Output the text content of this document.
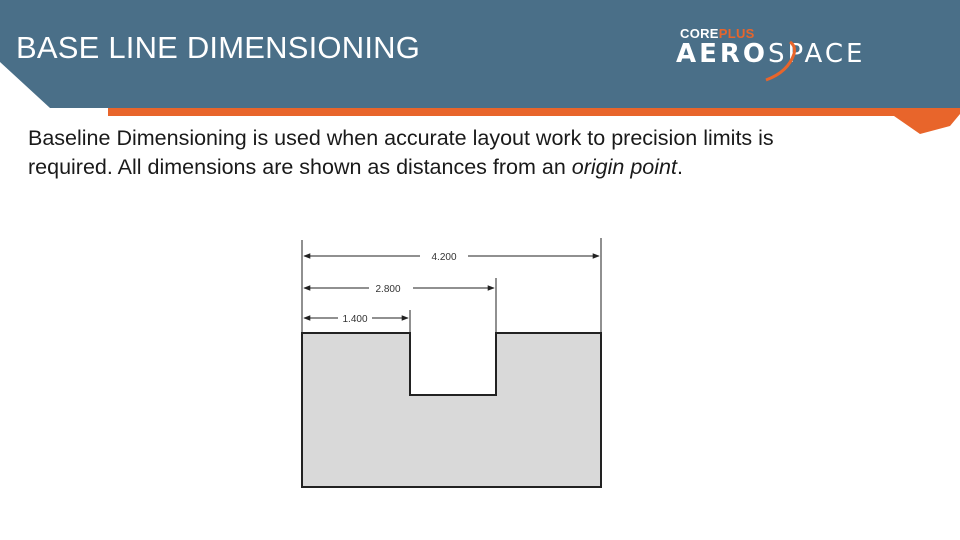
BASE LINE DIMENSIONING	COREPLUS
AEROSPACE
Baseline Dimensioning is used when accurate layout work to precision limits is required. All dimensions are shown as distances from an origin point.
4.200
2.800
1.400
